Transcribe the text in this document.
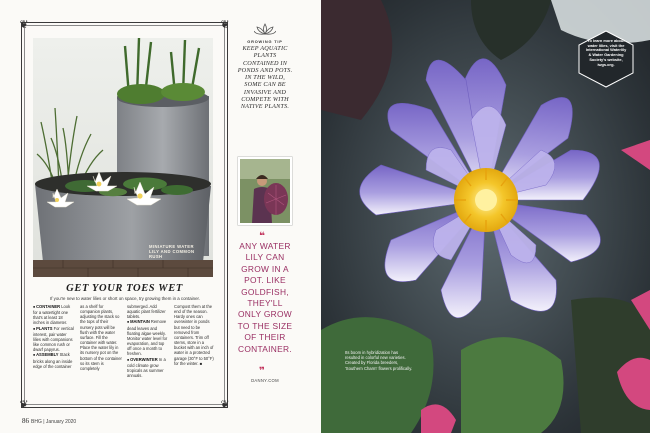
❦	❦
❦	❦
MINIATURE WATER LILY AND COMMON RUSH
GET YOUR TOES WET
If you're new to water lilies or short on space, try growing them in a container.

■CONTAINER Look for a watertight one that's at least 18 inches in diameter.

■PLANTS For vertical interest, pair water lilies with companions like common rush or dwarf papyrus.

■ASSEMBLY Stack bricks along an inside edge of the container

as a shelf for companion plants, adjusting the stack so the tops of their nursery pots will be flush with the water surface. Fill the container with water. Place the water lily in its nursery pot on the bottom of the container so its stem is completely

submerged. Add aquatic plant fertilizer tablets.

■MAINTAIN Remove dead leaves and floating algae weekly. Monitor water level for evaporation, and top off once a month to freshen.

■OVERWINTER In a cold climate grow tropicals as summer annuals.

Compost them at the end of the season. Hardy ones can overwinter in ponds but need to be removed from containers. Trim off stems, store in a bucket with an inch of water in a protected garage (30°F to 50°F) for the winter. ■

86 BHG | January 2020
GROWING TIP
KEEP AQUATIC PLANTS CONTAINED IN PONDS AND POTS. IN THE WILD, SOME CAN BE INVASIVE AND COMPETE WITH NATIVE PLANTS.
❝
ANY WATER LILY CAN GROW IN A POT. LIKE GOLDFISH, THEY'LL ONLY GROW TO THE SIZE OF THEIR CONTAINER.
❞
DANNY.COM
To learn more about water lilies, visit the International Waterlily & Water Gardening Society's website, iwgs.org.
Its boom in hybridization has resulted in colorful new varieties. Created by Florida breeders, 'Southern Charm' flowers prolifically.
